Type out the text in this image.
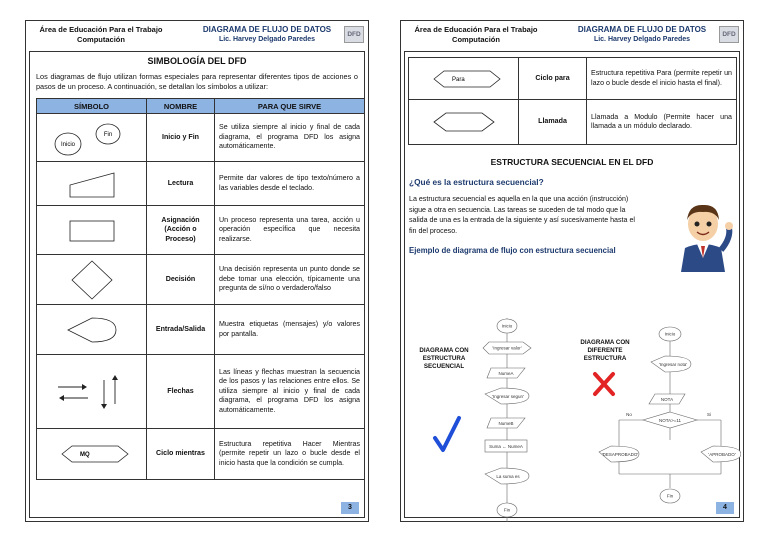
Área de Educación Para el Trabajo
Computación
DIAGRAMA DE FLUJO DE DATOS
Lic. Harvey Delgado Paredes
DFD
SIMBOLOGÍA DEL DFD
Los diagramas de flujo utilizan formas especiales para representar diferentes tipos de acciones o pasos de un proceso. A continuación, se detallan los símbolos a utilizar:
SÍMBOLO	NOMBRE	PARA QUE SIRVE

Inicio
Fin	Inicio y Fin	Se utiliza siempre al inicio y final de cada diagrama, el programa DFD los asigna automáticamente.

	Lectura	Permite dar valores de tipo texto/número a las variables desde el teclado.

	Asignación (Acción o Proceso)	Un proceso representa una tarea, acción u operación específica que necesita realizarse.

	Decisión	Una decisión representa un punto donde se debe tomar una elección, típicamente una pregunta de sí/no o verdadero/falso

	Entrada/Salida	Muestra etiquetas (mensajes) y/o valores por pantalla.

	Flechas	Las líneas y flechas muestran la secuencia de los pasos y las relaciones entre ellos. Se utiliza siempre al inicio y final de cada diagrama, el programa DFD los asigna automáticamente.

MQ	Ciclo mientras	Estructura repetitiva Hacer Mientras (permite repetir un lazo o bucle desde el inicio hasta que la condición se cumpla.
3
Área de Educación Para el Trabajo
Computación
DIAGRAMA DE FLUJO DE DATOS
Lic. Harvey Delgado Paredes
DFD
Para	Ciclo para	Estructura repetitiva Para (permite repetir un lazo o bucle desde el inicio hasta el final).

	Llamada	Llamada a Modulo (Permite hacer una llamada a un módulo declarado.
ESTRUCTURA SECUENCIAL EN EL DFD
¿Qué es la estructura secuencial?
La estructura secuencial es aquella en la que una acción (instrucción) sigue a otra en secuencia. Las tareas se suceden de tal modo que la salida de una es la entrada de la siguiente y así sucesivamente hasta el fin del proceso.
Ejemplo de diagrama de flujo con estructura secuencial
Inicio
'Ingresar valor'
NumeA
'Ingresar segun'
NumeB
Suma ← NumeA
La suma es
Fin
Inicio
'Ingresar nota'
NOTA
NOTA>=11
No	Si
'DESAPROBADO'	'APROBADO'
Fin
DIAGRAMA CON ESTRUCTURA SECUENCIAL
DIAGRAMA CON DIFERENTE ESTRUCTURA
4
